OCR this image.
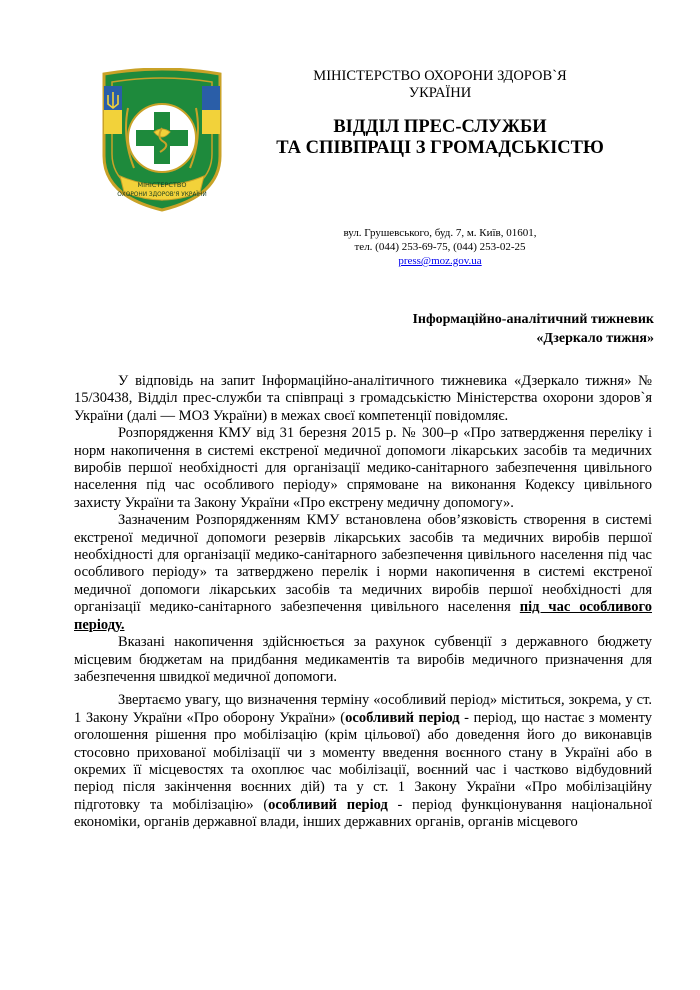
МІНІСТЕРСТВО
ОХОРОНИ ЗДОРОВ'Я УКРАЇНИ
МІНІСТЕРСТВО ОХОРОНИ ЗДОРОВ`Я
УКРАЇНИ
ВІДДІЛ ПРЕС-СЛУЖБИ
ТА СПІВПРАЦІ З ГРОМАДСЬКІСТЮ
вул. Грушевського, буд. 7, м. Київ, 01601,
тел. (044) 253-69-75, (044) 253-02-25
press@moz.gov.ua
Інформаційно-аналітичний тижневик
«Дзеркало тижня»

У відповідь на запит Інформаційно-аналітичного тижневика «Дзеркало тижня» № 15/30438, Відділ прес-служби та співпраці з громадськістю Міністерства охорони здоров`я України (далі — МОЗ України) в межах своєї компетенції повідомляє.

Розпорядження КМУ від 31 березня 2015 р. № 300–р «Про затвердження переліку і норм накопичення в системі екстреної медичної допомоги лікарських засобів та медичних виробів першої необхідності для організації медико-санітарного забезпечення цивільного населення під час особливого періоду» спрямоване на виконання Кодексу цивільного захисту України та Закону України «Про екстрену медичну допомогу».

Зазначеним Розпорядженням КМУ встановлена обов’язковість створення в системі екстреної медичної допомоги резервів лікарських засобів та медичних виробів першої необхідності для організації медико-санітарного забезпечення цивільного населення під час особливого періоду» та затверджено перелік і норми накопичення в системі екстреної медичної допомоги лікарських засобів та медичних виробів першої необхідності для організації медико-санітарного забезпечення цивільного населення під час особливого періоду.

Вказані накопичення здійснюється за рахунок субвенції з державного бюджету місцевим бюджетам на придбання медикаментів та виробів медичного призначення для забезпечення швидкої медичної допомоги.

Звертаємо увагу, що визначення терміну «особливий період» міститься, зокрема, у ст. 1 Закону України «Про оборону України» (особливий період - період, що настає з моменту оголошення рішення про мобілізацію (крім цільової) або доведення його до виконавців стосовно прихованої мобілізації чи з моменту введення воєнного стану в Україні або в окремих її місцевостях та охоплює час мобілізації, воєнний час і частково відбудовний період після закінчення воєнних дій) та у ст. 1 Закону України «Про мобілізаційну підготовку та мобілізацію» (особливий період - період функціонування національної економіки, органів державної влади, інших державних органів, органів місцевого
